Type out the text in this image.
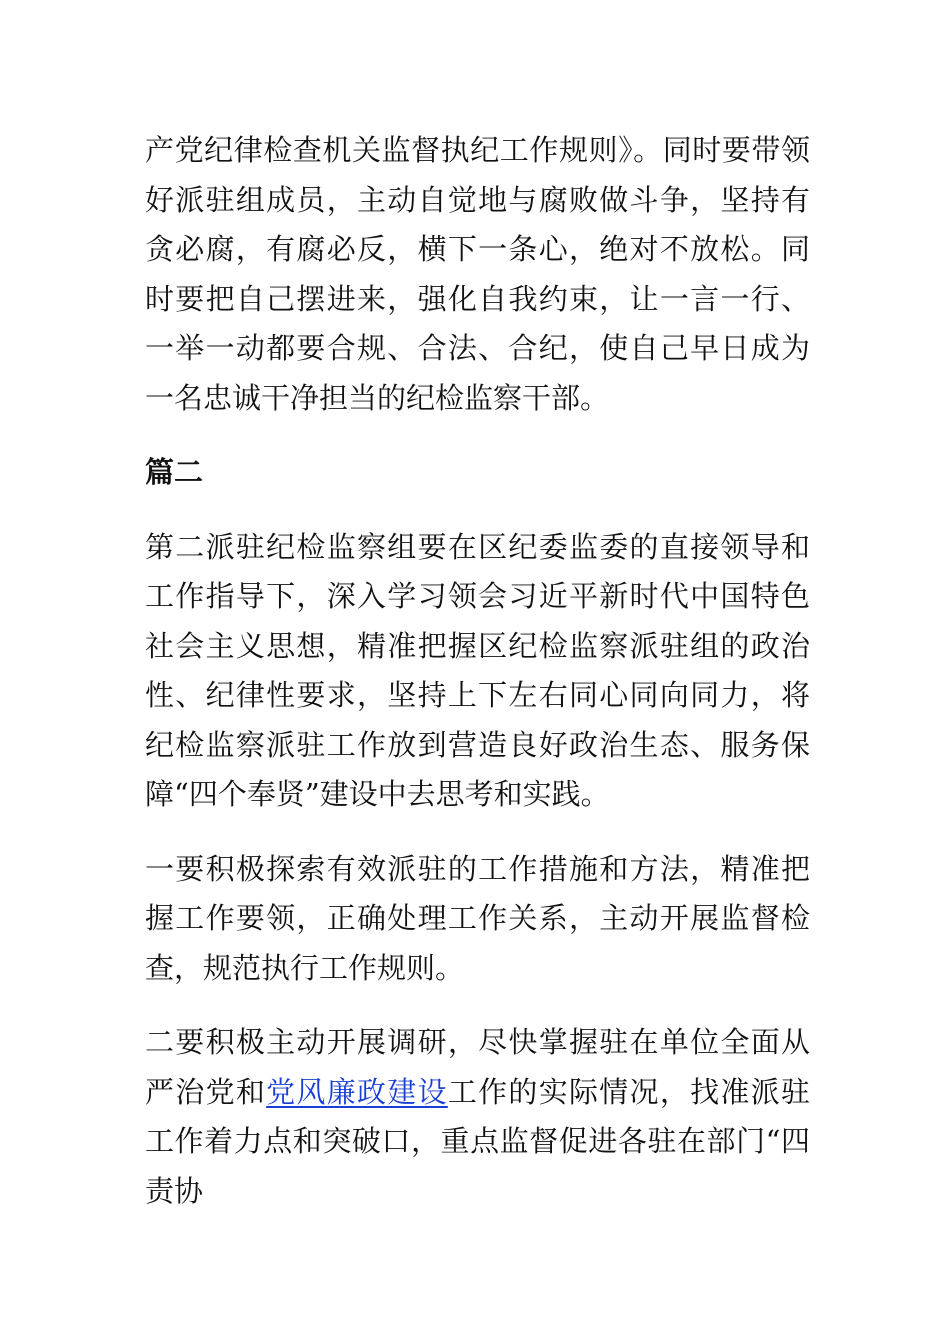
产党纪律检查机关监督执纪工作规则》。同时要带领好派驻组成员，主动自觉地与腐败做斗争，坚持有贪必腐，有腐必反，横下一条心，绝对不放松。同时要把自己摆进来，强化自我约束，让一言一行、一举一动都要合规、合法、合纪，使自己早日成为一名忠诚干净担当的纪检监察干部。

篇二

第二派驻纪检监察组要在区纪委监委的直接领导和工作指导下，深入学习领会习近平新时代中国特色社会主义思想，精准把握区纪检监察派驻组的政治性、纪律性要求，坚持上下左右同心同向同力，将纪检监察派驻工作放到营造良好政治生态、服务保障“四个奉贤”建设中去思考和实践。

一要积极探索有效派驻的工作措施和方法，精准把握工作要领，正确处理工作关系，主动开展监督检查，规范执行工作规则。

二要积极主动开展调研，尽快掌握驻在单位全面从严治党和党风廉政建设工作的实际情况，找准派驻工作着力点和突破口，重点监督促进各驻在部门“四责协
